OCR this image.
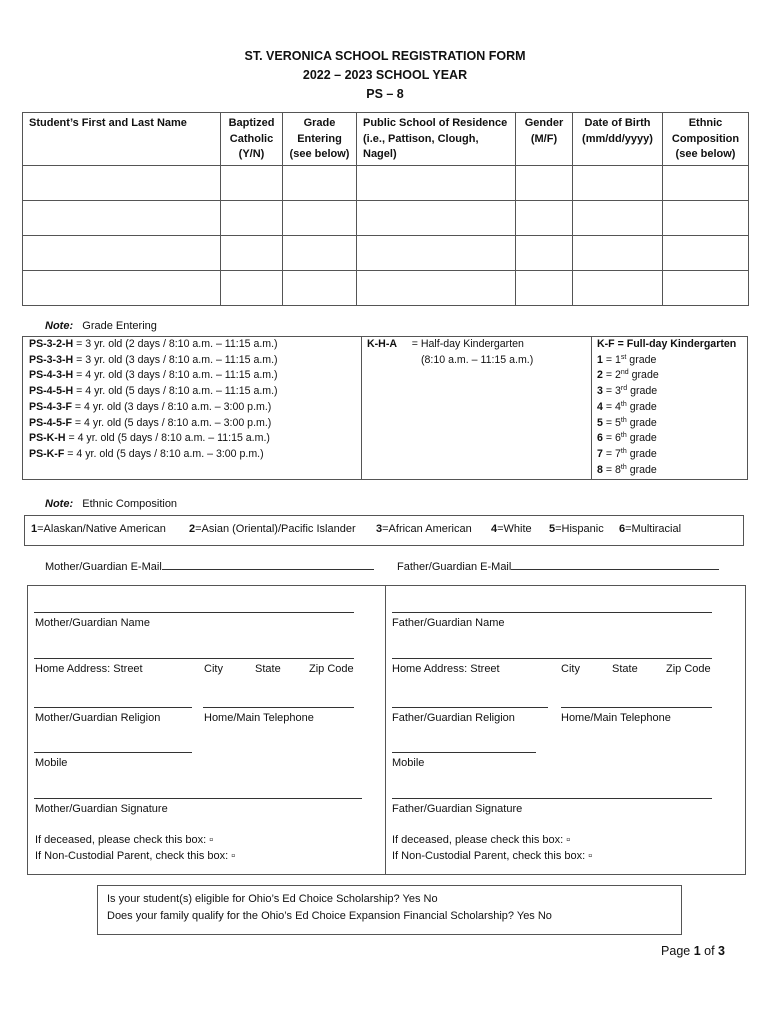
ST. VERONICA SCHOOL REGISTRATION FORM
2022 – 2023 SCHOOL YEAR
PS – 8
Student’s First and Last Name	Baptized
Catholic
(Y/N)	Grade
Entering
(see below)	Public School of Residence
(i.e., Pattison, Clough,
Nagel)	Gender
(M/F)	Date of Birth
(mm/dd/yyyy)	Ethnic
Composition
(see below)

Note: Grade Entering
PS-3-2-H = 3 yr. old (2 days / 8:10 a.m. – 11:15 a.m.)
PS-3-3-H = 3 yr. old (3 days / 8:10 a.m. – 11:15 a.m.)
PS-4-3-H = 4 yr. old (3 days / 8:10 a.m. – 11:15 a.m.)
PS-4-5-H = 4 yr. old (5 days / 8:10 a.m. – 11:15 a.m.)
PS-4-3-F = 4 yr. old (3 days / 8:10 a.m. – 3:00 p.m.)
PS-4-5-F = 4 yr. old (5 days / 8:10 a.m. – 3:00 p.m.)
PS-K-H = 4 yr. old (5 days / 8:10 a.m. – 11:15 a.m.)
PS-K-F = 4 yr. old (5 days / 8:10 a.m. – 3:00 p.m.)
K-H-A = Half-day Kindergarten
(8:10 a.m. – 11:15 a.m.)
K-F = Full-day Kindergarten
1 = 1st grade
2 = 2nd grade
3 = 3rd grade
4 = 4th grade
5 = 5th grade
6 = 6th grade
7 = 7th grade
8 = 8th grade
Note: Ethnic Composition
1=Alaskan/Native American 2=Asian (Oriental)/Pacific Islander 3=African American 4=White 5=Hispanic 6=Multiracial
Mother/Guardian E-Mail	Father/Guardian E-Mail
Mother/Guardian Name
Home Address: Street	City	State	Zip Code
Mother/Guardian Religion	Home/Main Telephone
Mobile
Mother/Guardian Signature
If deceased, please check this box: ▫
If Non-Custodial Parent, check this box: ▫
Father/Guardian Name
Home Address: Street	City	State	Zip Code
Father/Guardian Religion	Home/Main Telephone
Mobile
Father/Guardian Signature
If deceased, please check this box: ▫
If Non-Custodial Parent, check this box: ▫
Is your student(s) eligible for Ohio’s Ed Choice Scholarship? Yes No
Does your family qualify for the Ohio’s Ed Choice Expansion Financial Scholarship? Yes No
Page 1 of 3
